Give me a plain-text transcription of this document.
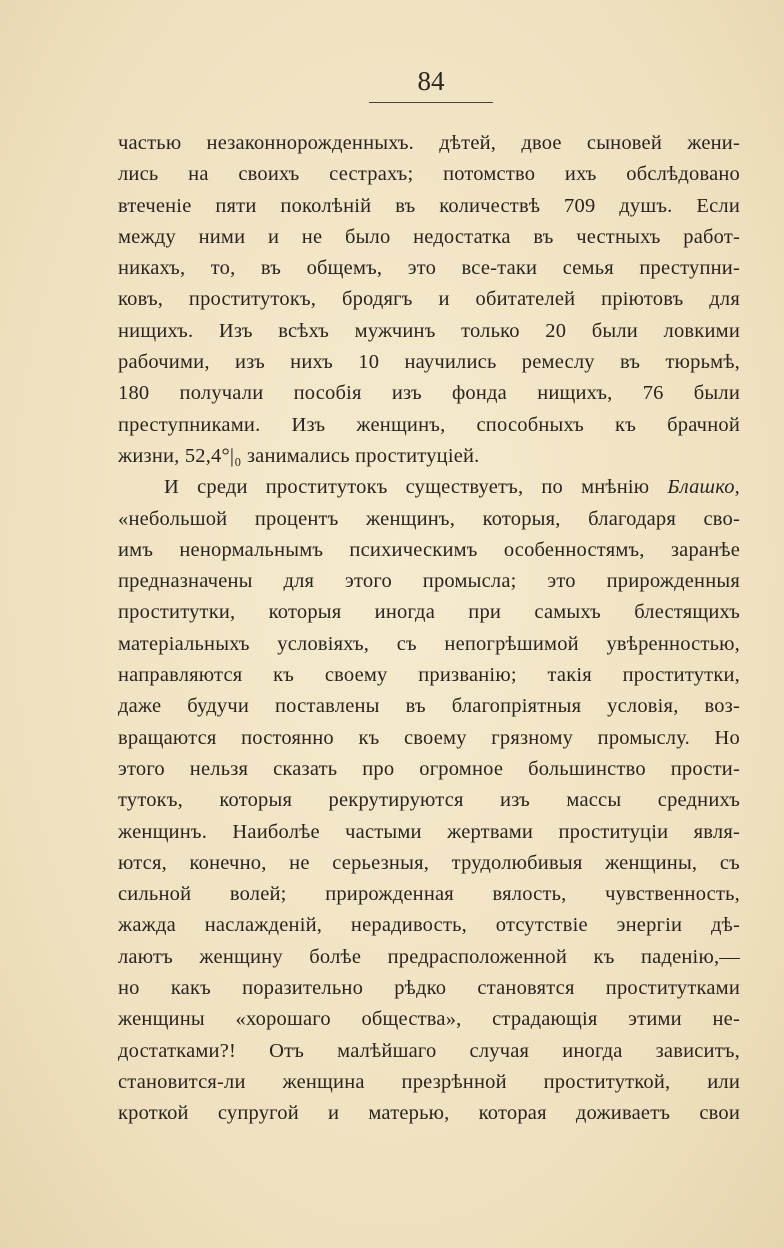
84
частью незаконнорожденныхъ. дѣтей, двое сыновей жени-
лись на своихъ сестрахъ; потомство ихъ обслѣдовано
втеченіе пяти поколѣній въ количествѣ 709 душъ. Если
между ними и не было недостатка въ честныхъ работ-
никахъ, то, въ общемъ, это все-таки семья преступни-
ковъ, проститутокъ, бродягъ и обитателей пріютовъ для
нищихъ. Изъ всѣхъ мужчинъ только 20 были ловкими
рабочими, изъ нихъ 10 научились ремеслу въ тюрьмѣ,
180 получали пособія изъ фонда нищихъ, 76 были
преступниками. Изъ женщинъ, способныхъ къ брачной
жизни, 52,4°|₀ занимались проституціей.
И среди проститутокъ существуетъ, по мнѣнію Блашко,
«небольшой процентъ женщинъ, которыя, благодаря сво-
имъ ненормальнымъ психическимъ особенностямъ, заранѣе
предназначены для этого промысла; это прирожденныя
проститутки, которыя иногда при самыхъ блестящихъ
матеріальныхъ условіяхъ, съ непогрѣшимой увѣренностью,
направляются къ своему призванію; такія проститутки,
даже будучи поставлены въ благопріятныя условія, воз-
вращаются постоянно къ своему грязному промыслу. Но
этого нельзя сказать про огромное большинство прости-
тутокъ, которыя рекрутируются изъ массы среднихъ
женщинъ. Наиболѣе частыми жертвами проституціи явля-
ются, конечно, не серьезныя, трудолюбивыя женщины, съ
сильной волей; прирожденная вялость, чувственность,
жажда наслажденій, нерадивость, отсутствіе энергіи дѣ-
лаютъ женщину болѣе предрасположенной къ паденію,—
но какъ поразительно рѣдко становятся проститутками
женщины «хорошаго общества», страдающія этими не-
достатками?! Отъ малѣйшаго случая иногда зависитъ,
становится-ли женщина презрѣнной проституткой, или
кроткой супругой и матерью, которая доживаетъ свои
